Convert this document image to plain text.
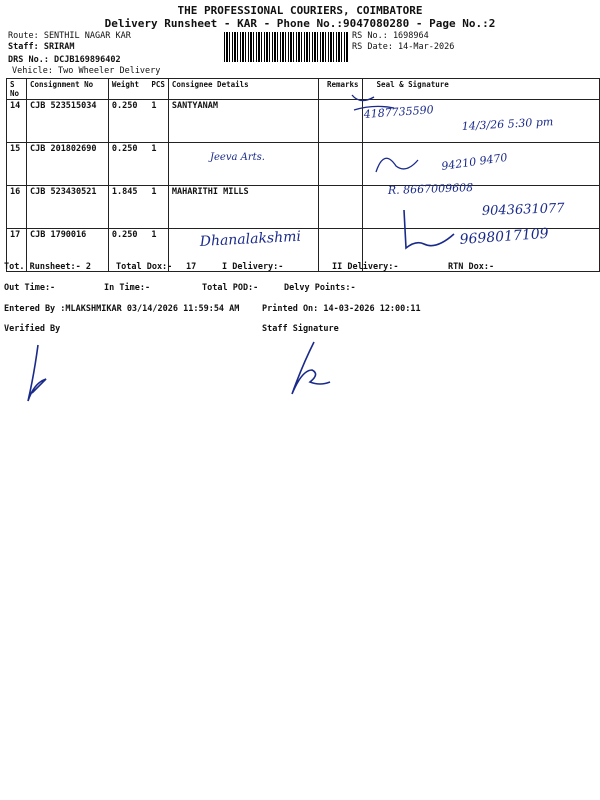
THE PROFESSIONAL COURIERS, COIMBATORE
Delivery Runsheet - KAR - Phone No.:9047080280 - Page No.:2
Route: SENTHIL NAGAR KAR
Staff: SRIRAM
DRS No.: DCJB169896402
Vehicle: Two Wheeler Delivery
RS No.: 1698964
RS Date: 14-Mar-2026
S No	Consignment No	Weight	PCS	Consignee Details	Remarks	Seal & Signature
14	CJB 523515034	0.250	1	SANTYANAM		
15	CJB 201802690	0.250	1			
16	CJB 523430521	1.845	1	MAHARITHI MILLS		
17	CJB 1790016	0.250	1			
4187735590
14/3/26 5:30 pm
Jeeva Arts.	94210 9470
R. 8667009608
9043631077
Dhanalakshmi	9698017109
Tot. Runsheet:- 2	Total Dox:- 17	I Delivery:-	II Delivery:-	RTN Dox:-
Out Time:-	In Time:-	Total POD:-	Delvy Points:-
Entered By :MLAKSHMIKAR 03/14/2026 11:59:54 AM	Printed On: 14-03-2026 12:00:11
Verified By	Staff Signature
